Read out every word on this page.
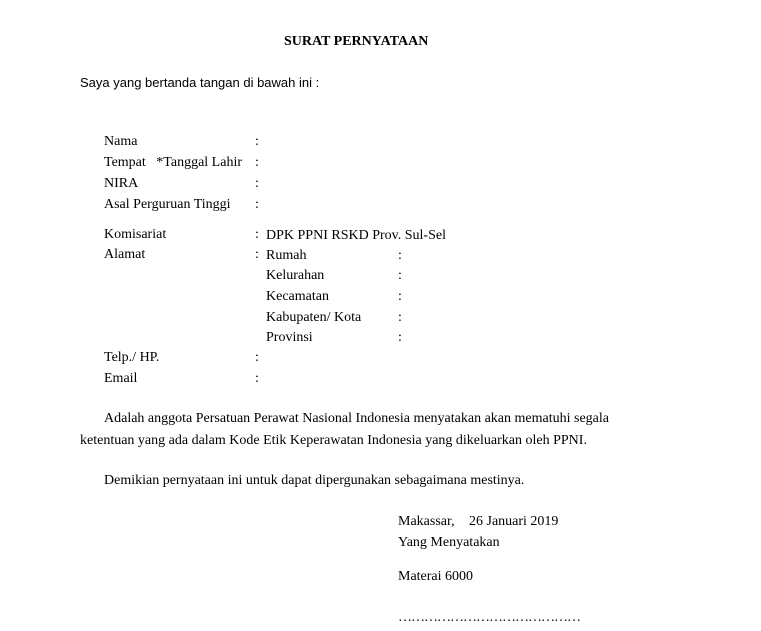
SURAT PERNYATAAN
Saya yang bertanda tangan di bawah ini :
Nama	:
Tempat   *Tanggal Lahir :
NIRA	:
Asal Perguruan Tinggi :
Komisariat	: DPK PPNI RSKD Prov. Sul-Sel
Alamat	: Rumah	:
Kelurahan	:
Kecamatan	:
Kabupaten/ Kota	:
Provinsi	:
Telp./ HP.	:
Email	:
Adalah anggota Persatuan Perawat Nasional Indonesia menyatakan akan mematuhi segala
ketentuan yang ada dalam Kode Etik Keperawatan Indonesia yang dikeluarkan oleh PPNI.
Demikian pernyataan ini untuk dapat dipergunakan sebagaimana mestinya.
Makassar, 26 Januari 2019
Yang Menyatakan
Materai 6000
……………………………………
